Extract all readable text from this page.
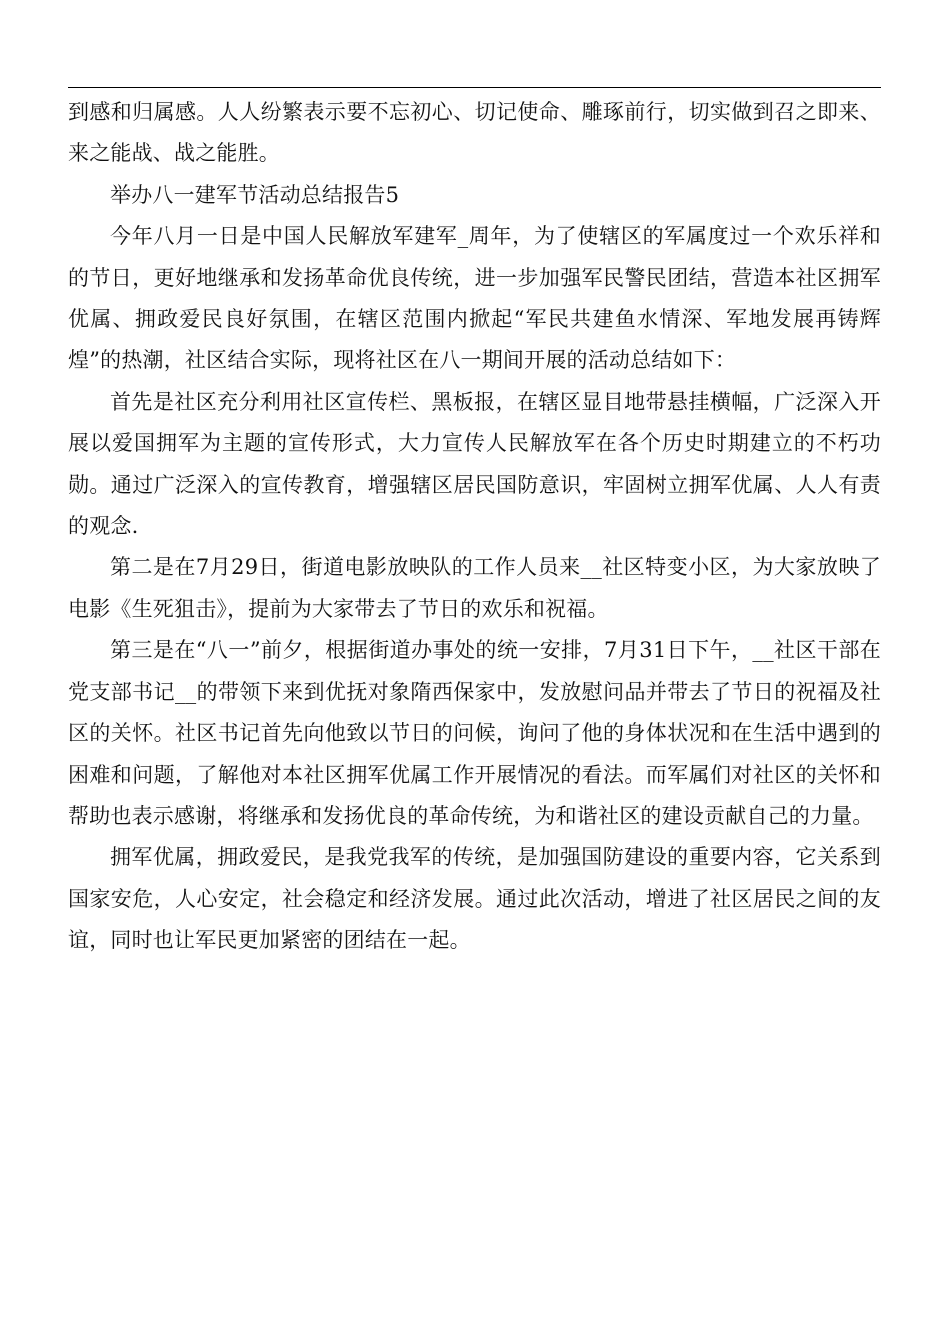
到感和归属感。人人纷繁表示要不忘初心、切记使命、雕琢前行，切实做到召之即来、来之能战、战之能胜。

举办八一建军节活动总结报告5

今年八月一日是中国人民解放军建军_周年，为了使辖区的军属度过一个欢乐祥和的节日，更好地继承和发扬革命优良传统，进一步加强军民警民团结，营造本社区拥军优属、拥政爱民良好氛围，在辖区范围内掀起“军民共建鱼水情深、军地发展再铸辉煌”的热潮，社区结合实际，现将社区在八一期间开展的活动总结如下：

首先是社区充分利用社区宣传栏、黑板报，在辖区显目地带悬挂横幅，广泛深入开展以爱国拥军为主题的宣传形式，大力宣传人民解放军在各个历史时期建立的不朽功勋。通过广泛深入的宣传教育，增强辖区居民国防意识，牢固树立拥军优属、人人有责的观念.

第二是在7月29日，街道电影放映队的工作人员来__社区特变小区，为大家放映了电影《生死狙击》，提前为大家带去了节日的欢乐和祝福。

第三是在“八一”前夕，根据街道办事处的统一安排，7月31日下午，__社区干部在党支部书记__的带领下来到优抚对象隋西保家中，发放慰问品并带去了节日的祝福及社区的关怀。社区书记首先向他致以节日的问候，询问了他的身体状况和在生活中遇到的困难和问题，了解他对本社区拥军优属工作开展情况的看法。而军属们对社区的关怀和帮助也表示感谢，将继承和发扬优良的革命传统，为和谐社区的建设贡献自己的力量。

拥军优属，拥政爱民，是我党我军的传统，是加强国防建设的重要内容，它关系到国家安危，人心安定，社会稳定和经济发展。通过此次活动，增进了社区居民之间的友谊，同时也让军民更加紧密的团结在一起。
